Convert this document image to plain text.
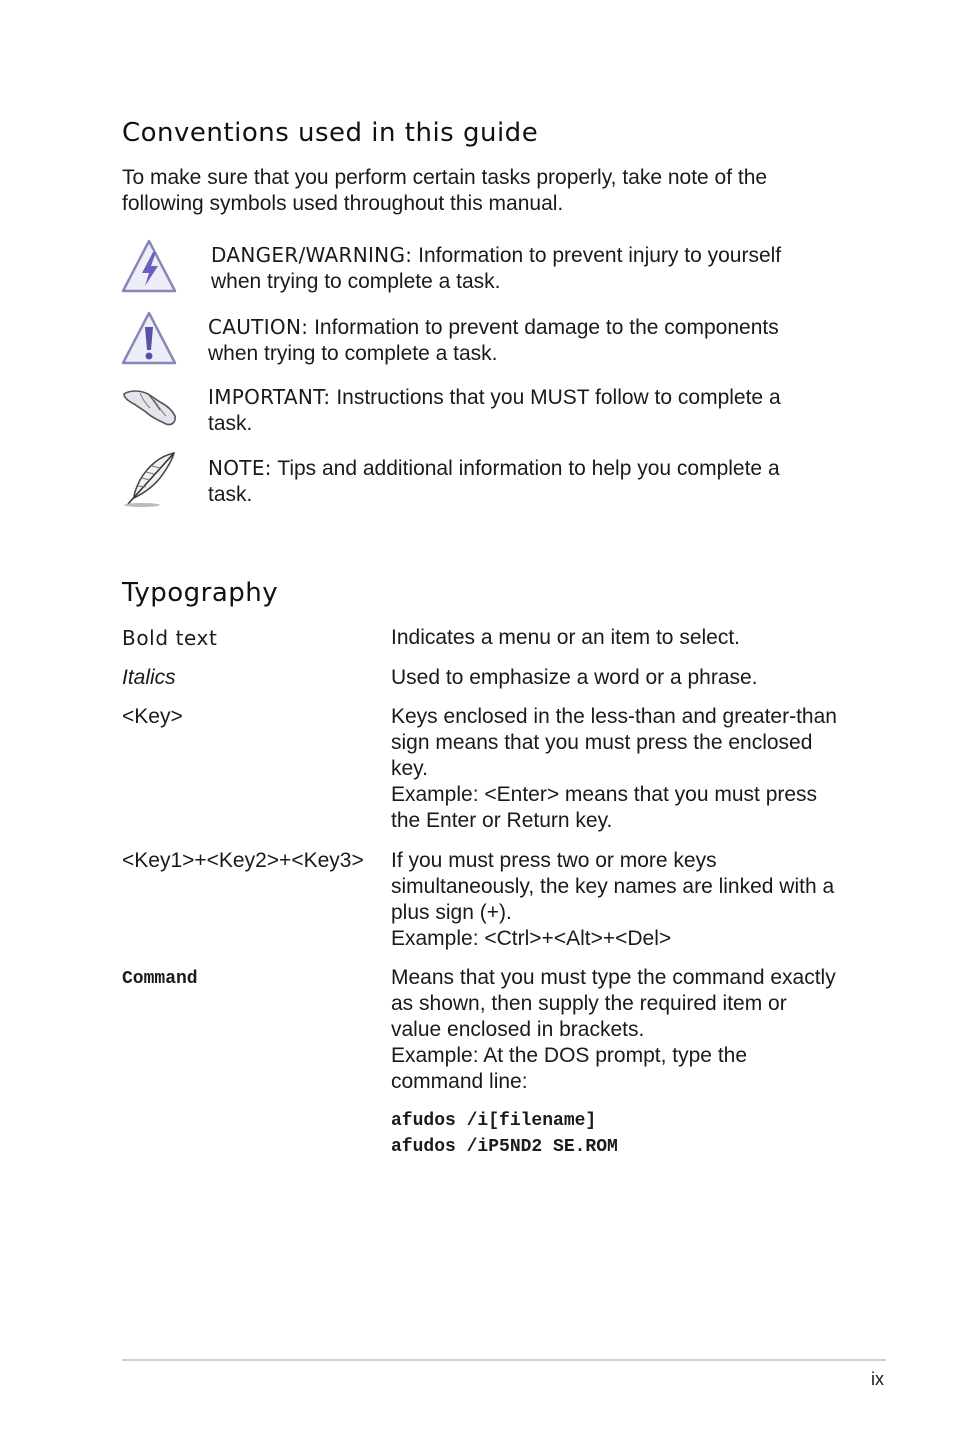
Conventions used in this guide
To make sure that you perform certain tasks properly, take note of the
following symbols used throughout this manual.
DANGER/WARNING: Information to prevent injury to yourself when trying to complete a task.
CAUTION: Information to prevent damage to the components when trying to complete a task.
IMPORTANT: Instructions that you MUST follow to complete a task.
NOTE: Tips and additional information to help you complete a task.
Typography
Bold text	Indicates a menu or an item to select.
Italics	Used to emphasize a word or a phrase.
<Key>	Keys enclosed in the less-than and greater-than sign means that you must press the enclosed key.
Example: <Enter> means that you must press the Enter or Return key.
<Key1>+<Key2>+<Key3> If you must press two or more keys simultaneously, the key names are linked with a plus sign (+).
Example: <Ctrl>+<Alt>+<Del>
Command	Means that you must type the command exactly as shown, then supply the required item or value enclosed in brackets.
Example: At the DOS prompt, type the command line:
afudos /i[filename]
afudos /iP5ND2 SE.ROM
ix
